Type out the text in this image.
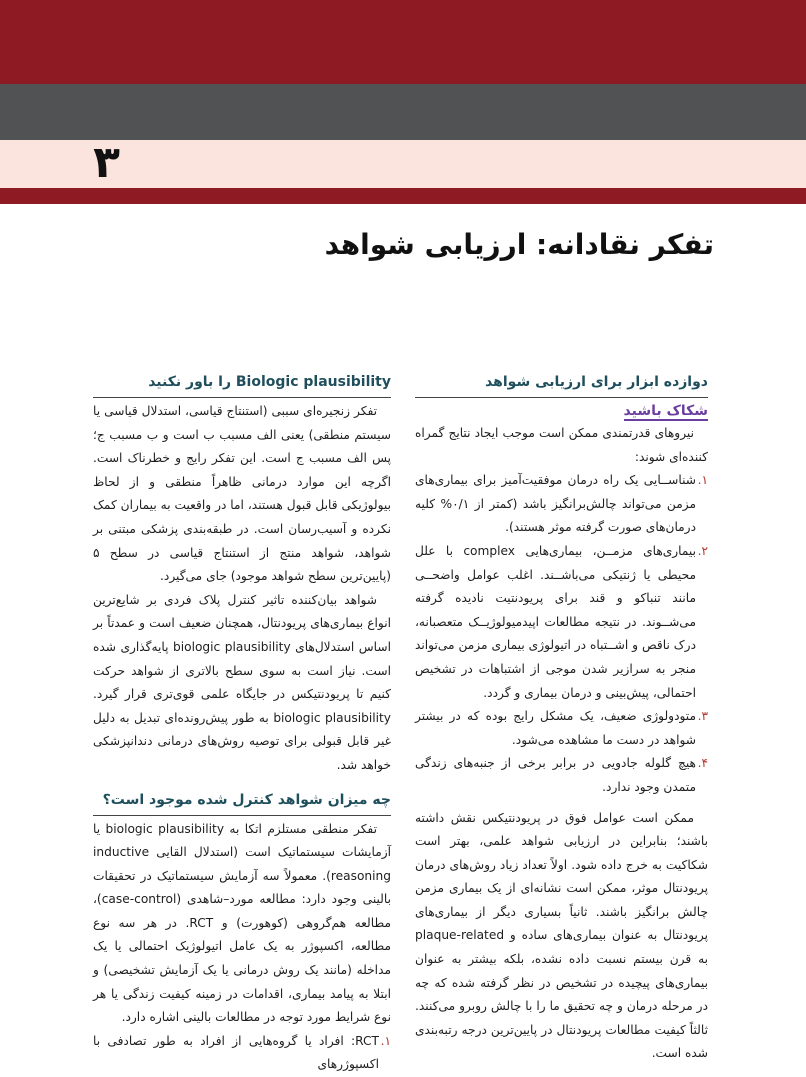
۳
تفکر نقادانه: ارزیابی شواهد
دوازده ابزار برای ارزیابی شواهد
شکاک باشید

نیروهای قدرتمندی ممکن است موجب ایجاد نتایج گمراه کننده‌ای شوند:

۱.
شناســایی یک راه درمان موفقیت‌آمیز برای بیماری‌های مزمن می‌تواند چالش‌برانگیز باشد (کمتر از ۰/۱% کلیه درمان‌های صورت گرفته موثر هستند).
۲.
بیماری‌های مزمــن، بیماری‌هایی complex با علل محیطی یا ژنتیکی می‌باشــند. اغلب عوامل واضحــی مانند تنباکو و قند برای پریودنتیت نادیده گرفته می‌شــوند. در نتیجه مطالعات اپیدمیولوژیــک متعصبانه، درک ناقص و اشــتباه در اتیولوژی بیماری مزمن می‌تواند منجر به سرازیر شدن موجی از اشتباهات در تشخیص احتمالی، پیش‌بینی و درمان بیماری و گردد.
۳.
متودولوژی ضعیف، یک مشکل رایج بوده که در بیشتر شواهد در دست ما مشاهده می‌شود.
۴.
هیچ گلوله جادویی در برابر برخی از جنبه‌های زندگی متمدن وجود ندارد.

ممکن است عوامل فوق در پریودنتیکس نقش داشته باشند؛ بنابراین در ارزیابی شواهد علمی، بهتر است شکاکیت به خرج داده شود. اولاً تعداد زیاد روش‌های درمان پریودنتال موثر، ممکن است نشانه‌ای از یک بیماری مزمن چالش برانگیز باشند. ثانیاً بسیاری دیگر از بیماری‌های پریودنتال به عنوان بیماری‌های ساده و plaque‑related به قرن بیستم نسبت داده نشده، بلکه بیشتر به عنوان بیماری‌های پیچیده در تشخیص در نظر گرفته شده که چه در مرحله درمان و چه تحقیق ما را با چالش روبرو می‌کنند. ثالثاً کیفیت مطالعات پریودنتال در پایین‌ترین درجه رتبه‌بندی شده است.

Biologic plausibility را باور نکنید

تفکر زنجیره‌ای سببی (استنتاج قیاسی، استدلال قیاسی یا سیستم منطقی) یعنی الف مسبب ب است و ب مسبب ج؛ پس الف مسبب ج است. این تفکر رایج و خطرناک است. اگرچه این موارد درمانی ظاهراً منطقی و از لحاظ بیولوژیکی قابل قبول هستند، اما در واقعیت به بیماران کمک نکرده و آسیب‌رسان است. در طبقه‌بندی پزشکی مبتنی بر شواهد، شواهد منتج از استنتاج قیاسی در سطح ۵ (پایین‌ترین سطح شواهد موجود) جای می‌گیرد.

شواهد بیان‌کننده تاثیر کنترل پلاک فردی بر شایع‌ترین انواع بیماری‌های پریودنتال، همچنان ضعیف است و عمدتاً بر اساس استدلال‌های biologic plausibility پایه‌گذاری شده است. نیاز است به سوی سطح بالاتری از شواهد حرکت کنیم تا پریودنتیکس در جایگاه علمی قوی‌تری قرار گیرد. biologic plausibility به طور پیش‌رونده‌ای تبدیل به دلیل غیر قابل قبولی برای توصیه روش‌های درمانی دندانپزشکی خواهد شد.

چه میزان شواهد کنترل شده موجود است؟

تفکر منطقی مستلزم اتکا به biologic plausibility یا آزمایشات سیستماتیک است (استدلال القایی inductive reasoning). معمولاً سه آزمایش سیستماتیک در تحقیقات بالینی وجود دارد: مطالعه مورد–شاهدی (case‑control)، مطالعه هم‌گروهی (کوهورت) و RCT. در هر سه نوع مطالعه، اکسپوژر به یک عامل اتیولوژیک احتمالی یا یک مداخله (مانند یک روش درمانی یا یک آزمایش تشخیصی) و ابتلا به پیامد بیماری، اقدامات در زمینه کیفیت زندگی یا هر نوع شرایط مورد توجه در مطالعات بالینی اشاره دارد.

۱.
RCT: افراد یا گروه‌هایی از افراد به طور تصادفی با اکسپوژرهای
